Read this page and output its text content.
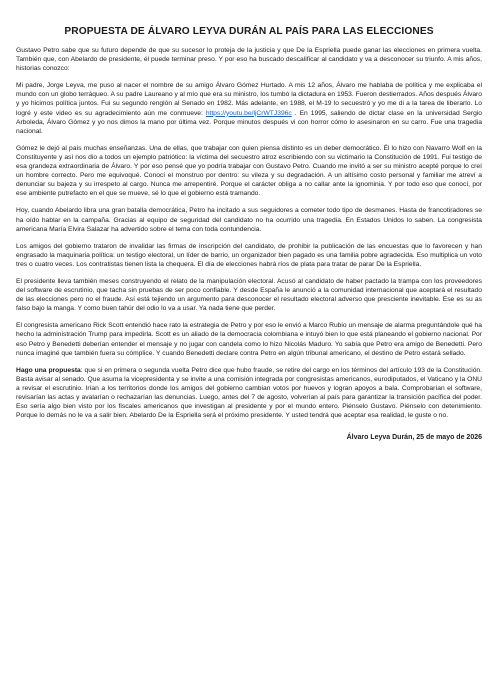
PROPUESTA DE ÁLVARO LEYVA DURÁN AL PAÍS PARA LAS ELECCIONES

Gustavo Petro sabe que su futuro depende de que su sucesor lo proteja de la justicia y que De la Espriella puede ganar las elecciones en primera vuelta. También que, con Abelardo de presidente, él puede terminar preso. Y por eso ha buscado descalificar al candidato y va a desconocer su triunfo. A mis años, historias conozco:

Mi padre, Jorge Leyva, me puso al nacer el nombre de su amigo Álvaro Gómez Hurtado. A mis 12 años, Álvaro me hablaba de política y me explicaba el mundo con un globo terráqueo. A su padre Laureano y al mío que era su ministro, los tumbó la dictadura en 1953. Fueron destierrados. Años después Álvaro y yo hicimos política juntos. Fui su segundo renglón al Senado en 1982. Más adelante, en 1988, el M-19 lo secuestró y yo me di a la tarea de liberarlo. Lo logré y este video es su agradecimiento aún me conmueve: https://youtu.be/ljCrWTJ396c . En 1995, saliendo de dictar clase en la universidad Sergio Arboleda, Álvaro Gómez y yo nos dimos la mano por última vez. Porque minutos después vi con horror cómo lo asesinaron en su carro. Fue una tragedia nacional.

Gómez le dejó al país muchas enseñanzas. Una de ellas, que trabajar con quien piensa distinto es un deber democrático. Él lo hizo con Navarro Wolf en la Constituyente y así nos dio a todos un ejemplo patriótico: la víctima del secuestro atroz escribiendo con su victimario la Constitución de 1991. Fui testigo de esa grandeza extraordinaria de Álvaro. Y por eso pensé que yo podría trabajar con Gustavo Petro. Cuando me invitó a ser su ministro acepté porque lo creí un hombre correcto. Pero me equivoqué. Conocí el monstruo por dentro: su vileza y su degradación. A un altísimo costo personal y familiar me atreví a denunciar su bajeza y su irrespeto al cargo. Nunca me arrepentiré. Porque el carácter obliga a no callar ante la ignominia. Y por todo eso que conocí, por ese ambiente putrefacto en el que se mueve, sé lo que el gobierno está tramando.

Hoy, cuando Abelardo libra una gran batalla democrática, Petro ha incitado a sus seguidores a cometer todo tipo de desmanes. Hasta de francotiradores se ha oído hablar en la campaña. Gracias al equipo de seguridad del candidato no ha ocurrido una tragedia. En Estados Unidos lo saben. La congresista americana María Elvira Salazar ha advertido sobre el tema con toda contundencia.

Los amigos del gobierno trataron de invalidar las firmas de inscripción del candidato, de prohibir la publicación de las encuestas que lo favorecen y han engrasado la maquinaria política: un testigo electoral, un líder de barrio, un organizador bien pagado es una familia pobre agradecida. Eso multiplica un voto tres o cuatro veces. Los contratistas tienen lista la chequera. El día de elecciones habrá ríos de plata para tratar de parar De la Espriella.

El presidente lleva también meses construyendo el relato de la manipulación electoral. Acusó al candidato de haber pactado la trampa con los proveedores del software de escrutinio, que tacha sin pruebas de ser poco confiable. Y desde España le anunció a la comunidad internacional que aceptará el resultado de las elecciones pero no el fraude. Así está tejiendo un argumento para desconocer el resultado electoral adverso que presciente inevitable. Ese es su as falso bajo la manga. Y como buen tahúr del odio lo va a usar. Ya nada tiene que perder.

El congresista americano Rick Scott entendió hace rato la estrategia de Petro y por eso le envió a Marco Rubio un mensaje de alarma preguntándole qué ha hecho la administración Trump para impedirla. Scott es un aliado de la democracia colombiana e intuyó bien lo que está planeando el gobierno nacional. Por eso Petro y Benedetti deberían entender el mensaje y no jugar con candela como lo hizo Nicolás Maduro. Yo sabía que Petro era amigo de Benedetti. Pero nunca imaginé que también fuera su cómplice. Y cuando Benedetti declare contra Petro en algún tribunal americano, el destino de Petro estará sellado.

Hago una propuesta: que si en primera o segunda vuelta Petro dice que hubo fraude, se retire del cargo en los términos del artículo 193 de la Constitución. Basta avisar al senado. Que asuma la vicepresidenta y se invite a una comisión integrada por congresistas americanos, eurodiputados, el Vaticano y la ONU a revisar el escrutinio. Irían a los territorios donde los amigos del gobierno cambian votos por huevos y logran apoyos a bala. Comprobarían el software, revisarían las actas y avalarían o rechazarían las denuncias. Luego, antes del 7 de agosto, volverían al país para garantizar la transición pacífica del poder. Eso sería algo bien visto por los fiscales americanos que investigan al presidente y por el mundo entero. Piénselo Gustavo. Piénselo con detenimiento. Porque lo demás no le va a salir bien. Abelardo De la Espriella será el próximo presidente. Y usted tendrá que aceptar esa realidad, le guste o no.

Álvaro Leyva Durán, 25 de mayo de 2026
